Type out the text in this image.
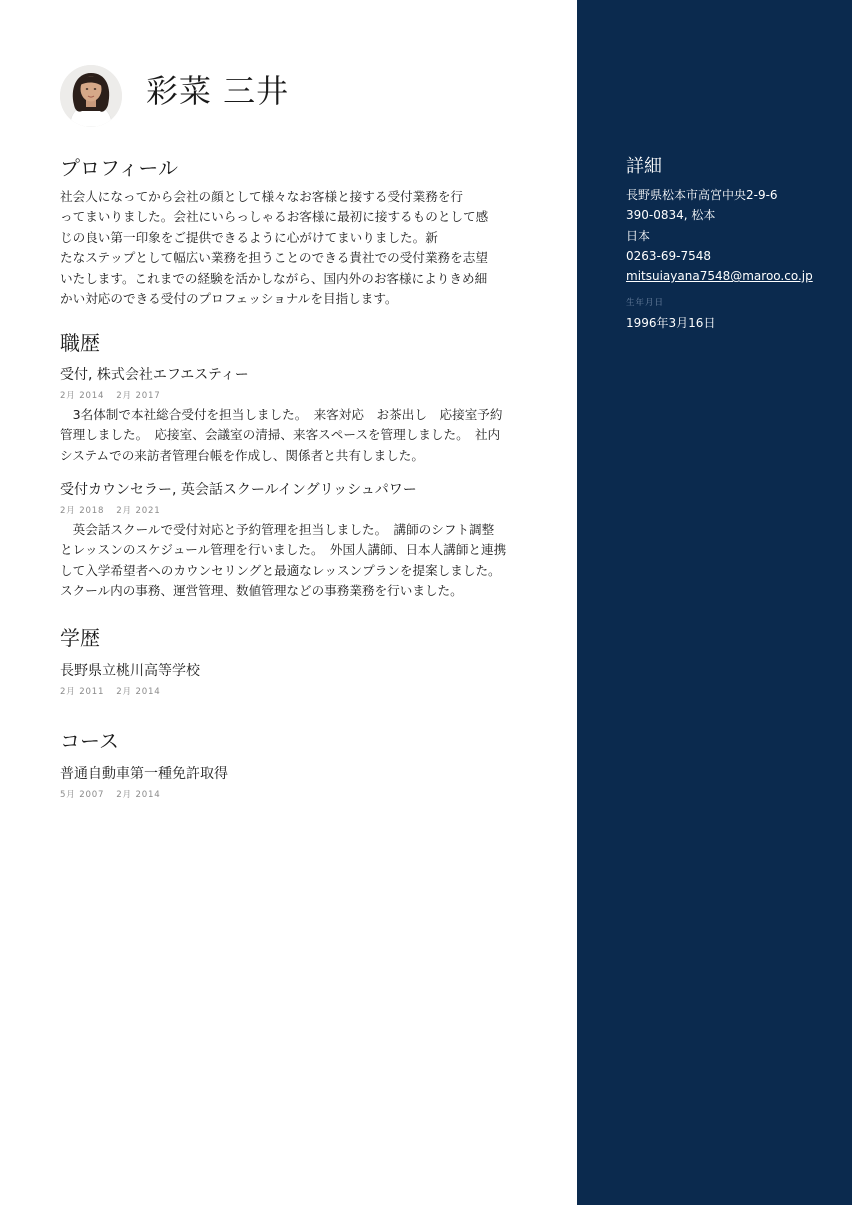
彩菜 三井
プロフィール
社会人になってから会社の顔として様々なお客様と接する受付業務を行
ってまいりました。会社にいらっしゃるお客様に最初に接するものとして感
じの良い第一印象をご提供できるように心がけてまいりました。新
たなステップとして幅広い業務を担うことのできる貴社での受付業務を志望
いたします。これまでの経験を活かしながら、国内外のお客様によりきめ細
かい対応のできる受付のプロフェッショナルを目指します。
職歴
受付, 株式会社エフエスティー
2月 2014 2月 2017
　3名体制で本社総合受付を担当しました。　来客対応　お茶出し　応接室予約
管理しました。　応接室、会議室の清掃、来客スペースを管理しました。　社内
システムでの来訪者管理台帳を作成し、関係者と共有しました。
受付カウンセラー, 英会話スクールイングリッシュパワー
2月 2018 2月 2021
　英会話スクールで受付対応と予約管理を担当しました。　講師のシフト調整
とレッスンのスケジュール管理を行いました。　外国人講師、日本人講師と連携
して入学希望者へのカウンセリングと最適なレッスンプランを提案しました。
スクール内の事務、運営管理、数値管理などの事務業務を行いました。
学歴
長野県立桃川高等学校
2月 2011 2月 2014
コース
普通自動車第一種免許取得
5月 2007 2月 2014
詳細
長野県松本市高宮中央2-9-6
390-0834, 松本
日本
0263-69-7548
mitsuiayana7548@maroo.co.jp
生年月日
1996年3月16日
